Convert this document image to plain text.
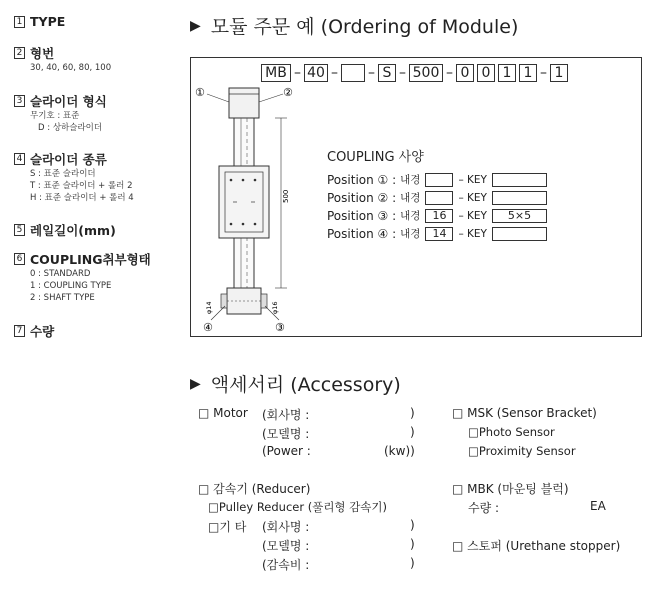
1 TYPE
2 형번
30, 40, 60, 80, 100
3 슬라이더 형식
무기호 : 표준
D : 상하슬라이더
4 슬라이더 종류
S : 표준 슬라이더
T : 표준 슬라이더 + 롤러 2
H : 표준 슬라이더 + 롤러 4
5 레일길이(mm)
6 COUPLING취부형태
0 : STANDARD
1 : COUPLING TYPE
2 : SHAFT TYPE
7 수량
▶ 모듈 주문 예 (Ordering of Module)
MB – 40 – – S – 500 – 0 0 1 1 – 1
500
φ14	φ16
①	②
④	③
COUPLING 사양
Position ① : 내경	– KEY
Position ② : 내경	– KEY
Position ③ : 내경	16	– KEY	5×5
Position ④ : 내경	14	– KEY
▶ 액세서리 (Accessory)
□ Motor (회사명 :	)
(모델명 :	)
(Power :	(kw))
□ 감속기 (Reducer)
□Pulley Reducer (풀리형 감속기)
□기 타 (회사명 :	)
(모델명 :	)
(감속비 :	)
□ MSK (Sensor Bracket)
□Photo Sensor
□Proximity Sensor
□ MBK (마운팅 블럭)
수량 :	EA
□ 스토퍼 (Urethane stopper)
